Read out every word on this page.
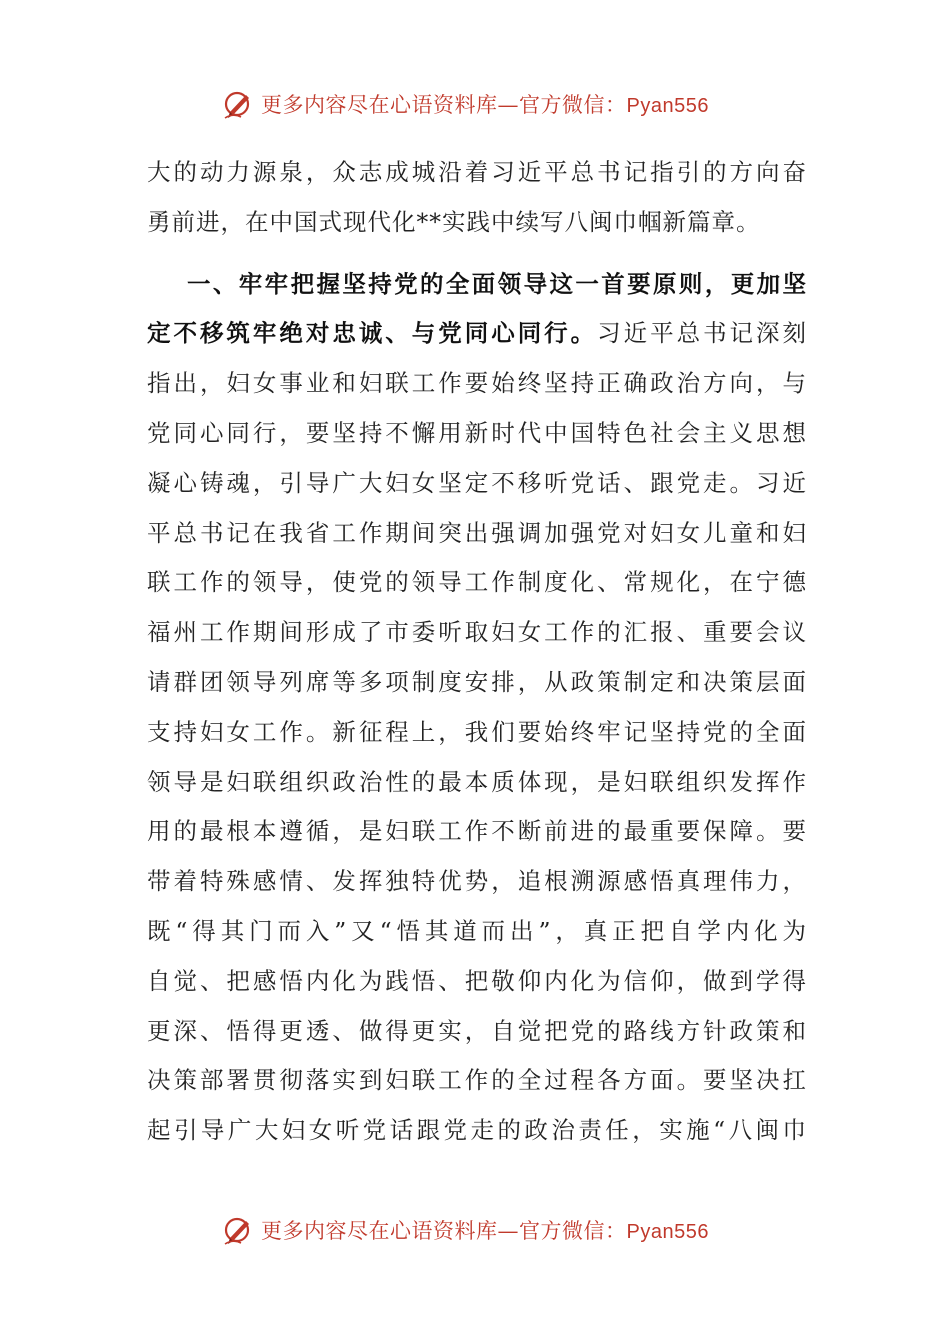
更多内容尽在心语资料库—官方微信：Pyan556
大的动力源泉，众志成城沿着习近平总书记指引的方向奋
勇前进，在中国式现代化**实践中续写八闽巾帼新篇章。
一、牢牢把握坚持党的全面领导这一首要原则，更加坚
定不移筑牢绝对忠诚、与党同心同行。习近平总书记深刻
指出，妇女事业和妇联工作要始终坚持正确政治方向，与
党同心同行，要坚持不懈用新时代中国特色社会主义思想
凝心铸魂，引导广大妇女坚定不移听党话、跟党走。习近
平总书记在我省工作期间突出强调加强党对妇女儿童和妇
联工作的领导，使党的领导工作制度化、常规化，在宁德
福州工作期间形成了市委听取妇女工作的汇报、重要会议
请群团领导列席等多项制度安排，从政策制定和决策层面
支持妇女工作。新征程上，我们要始终牢记坚持党的全面
领导是妇联组织政治性的最本质体现，是妇联组织发挥作
用的最根本遵循，是妇联工作不断前进的最重要保障。要
带着特殊感情、发挥独特优势，追根溯源感悟真理伟力，
既“得其门而入”又“悟其道而出”，真正把自学内化为
自觉、把感悟内化为践悟、把敬仰内化为信仰，做到学得
更深、悟得更透、做得更实，自觉把党的路线方针政策和
决策部署贯彻落实到妇联工作的全过程各方面。要坚决扛
起引导广大妇女听党话跟党走的政治责任，实施“八闽巾
更多内容尽在心语资料库—官方微信：Pyan556
